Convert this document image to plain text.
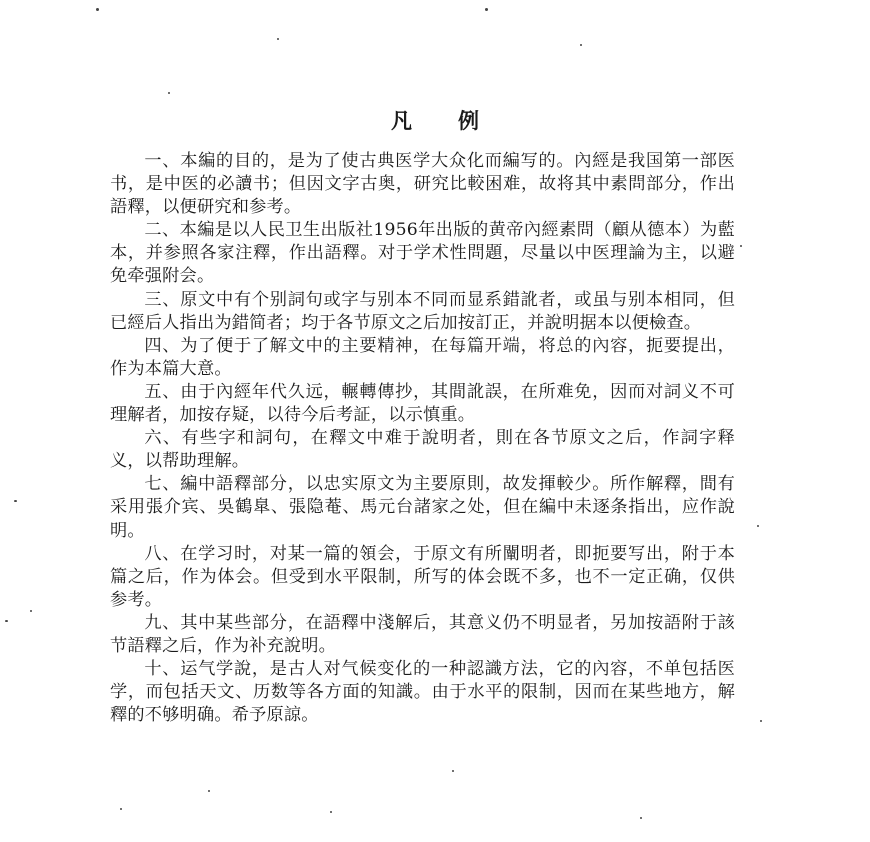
凡 例

一、本編的目的，是为了使古典医学大众化而編写的。內經是我国第一部医书，是中医的必讀书；但因文字古奥，研究比較困难，故将其中素問部分，作出語釋，以便研究和参考。

二、本編是以人民卫生出版社1956年出版的黄帝內經素問（顧从德本）为藍本，并参照各家注釋，作出語釋。对于学术性問題，尽量以中医理論为主，以避免牵强附会。

三、原文中有个别詞句或字与别本不同而显系錯訛者，或虽与别本相同，但已經后人指出为錯简者；均于各节原文之后加按訂正，并說明据本以便檢查。

四、为了便于了解文中的主要精神，在每篇开端，将总的內容，扼要提出，作为本篇大意。

五、由于內經年代久远，輾轉傳抄，其間訛誤，在所难免，因而对詞义不可理解者，加按存疑，以待今后考証，以示慎重。

六、有些字和詞句，在釋文中难于說明者，則在各节原文之后，作詞字释义，以帮助理解。

七、編中語釋部分，以忠实原文为主要原則，故发揮較少。所作解釋，間有采用張介宾、吳鶴臯、張隐菴、馬元台諸家之处，但在編中未逐条指出，应作說明。

八、在学习时，对某一篇的領会，于原文有所闡明者，即扼要写出，附于本篇之后，作为体会。但受到水平限制，所写的体会既不多，也不一定正确，仅供参考。

九、其中某些部分，在語釋中淺解后，其意义仍不明显者，另加按語附于該节語釋之后，作为补充說明。

十、运气学說，是古人对气候变化的一种認識方法，它的內容，不单包括医学，而包括天文、历数等各方面的知識。由于水平的限制，因而在某些地方，解釋的不够明确。希予原諒。
